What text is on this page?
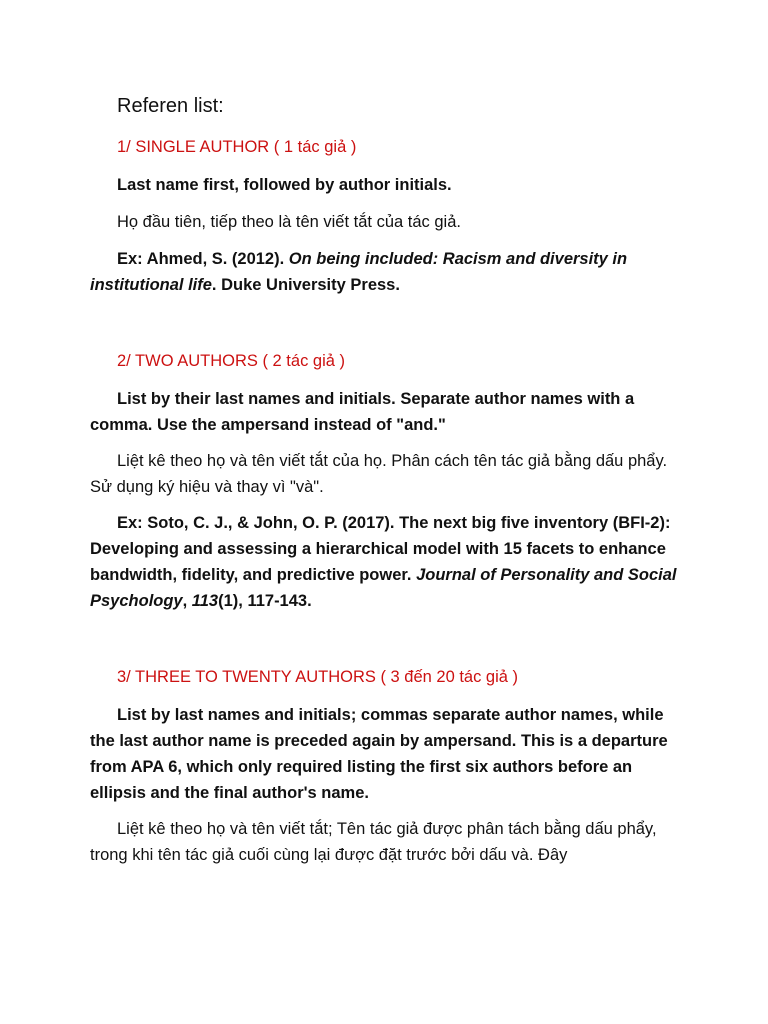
Referen list:
1/ SINGLE AUTHOR ( 1 tác giả )

Last name first, followed by author initials.

Họ đầu tiên, tiếp theo là tên viết tắt của tác giả.

Ex: Ahmed, S. (2012). On being included: Racism and diversity in institutional life. Duke University Press.

2/ TWO AUTHORS ( 2 tác giả )

List by their last names and initials. Separate author names with a comma. Use the ampersand instead of "and."

Liệt kê theo họ và tên viết tắt của họ. Phân cách tên tác giả bằng dấu phẩy. Sử dụng ký hiệu và thay vì "và".

Ex: Soto, C. J., & John, O. P. (2017). The next big five inventory (BFI-2): Developing and assessing a hierarchical model with 15 facets to enhance bandwidth, fidelity, and predictive power. Journal of Personality and Social Psychology, 113(1), 117-143.

3/ THREE TO TWENTY AUTHORS ( 3 đến 20 tác giả )

List by last names and initials; commas separate author names, while the last author name is preceded again by ampersand. This is a departure from APA 6, which only required listing the first six authors before an ellipsis and the final author's name.

Liệt kê theo họ và tên viết tắt; Tên tác giả được phân tách bằng dấu phẩy, trong khi tên tác giả cuối cùng lại được đặt trước bởi dấu và. Đây
